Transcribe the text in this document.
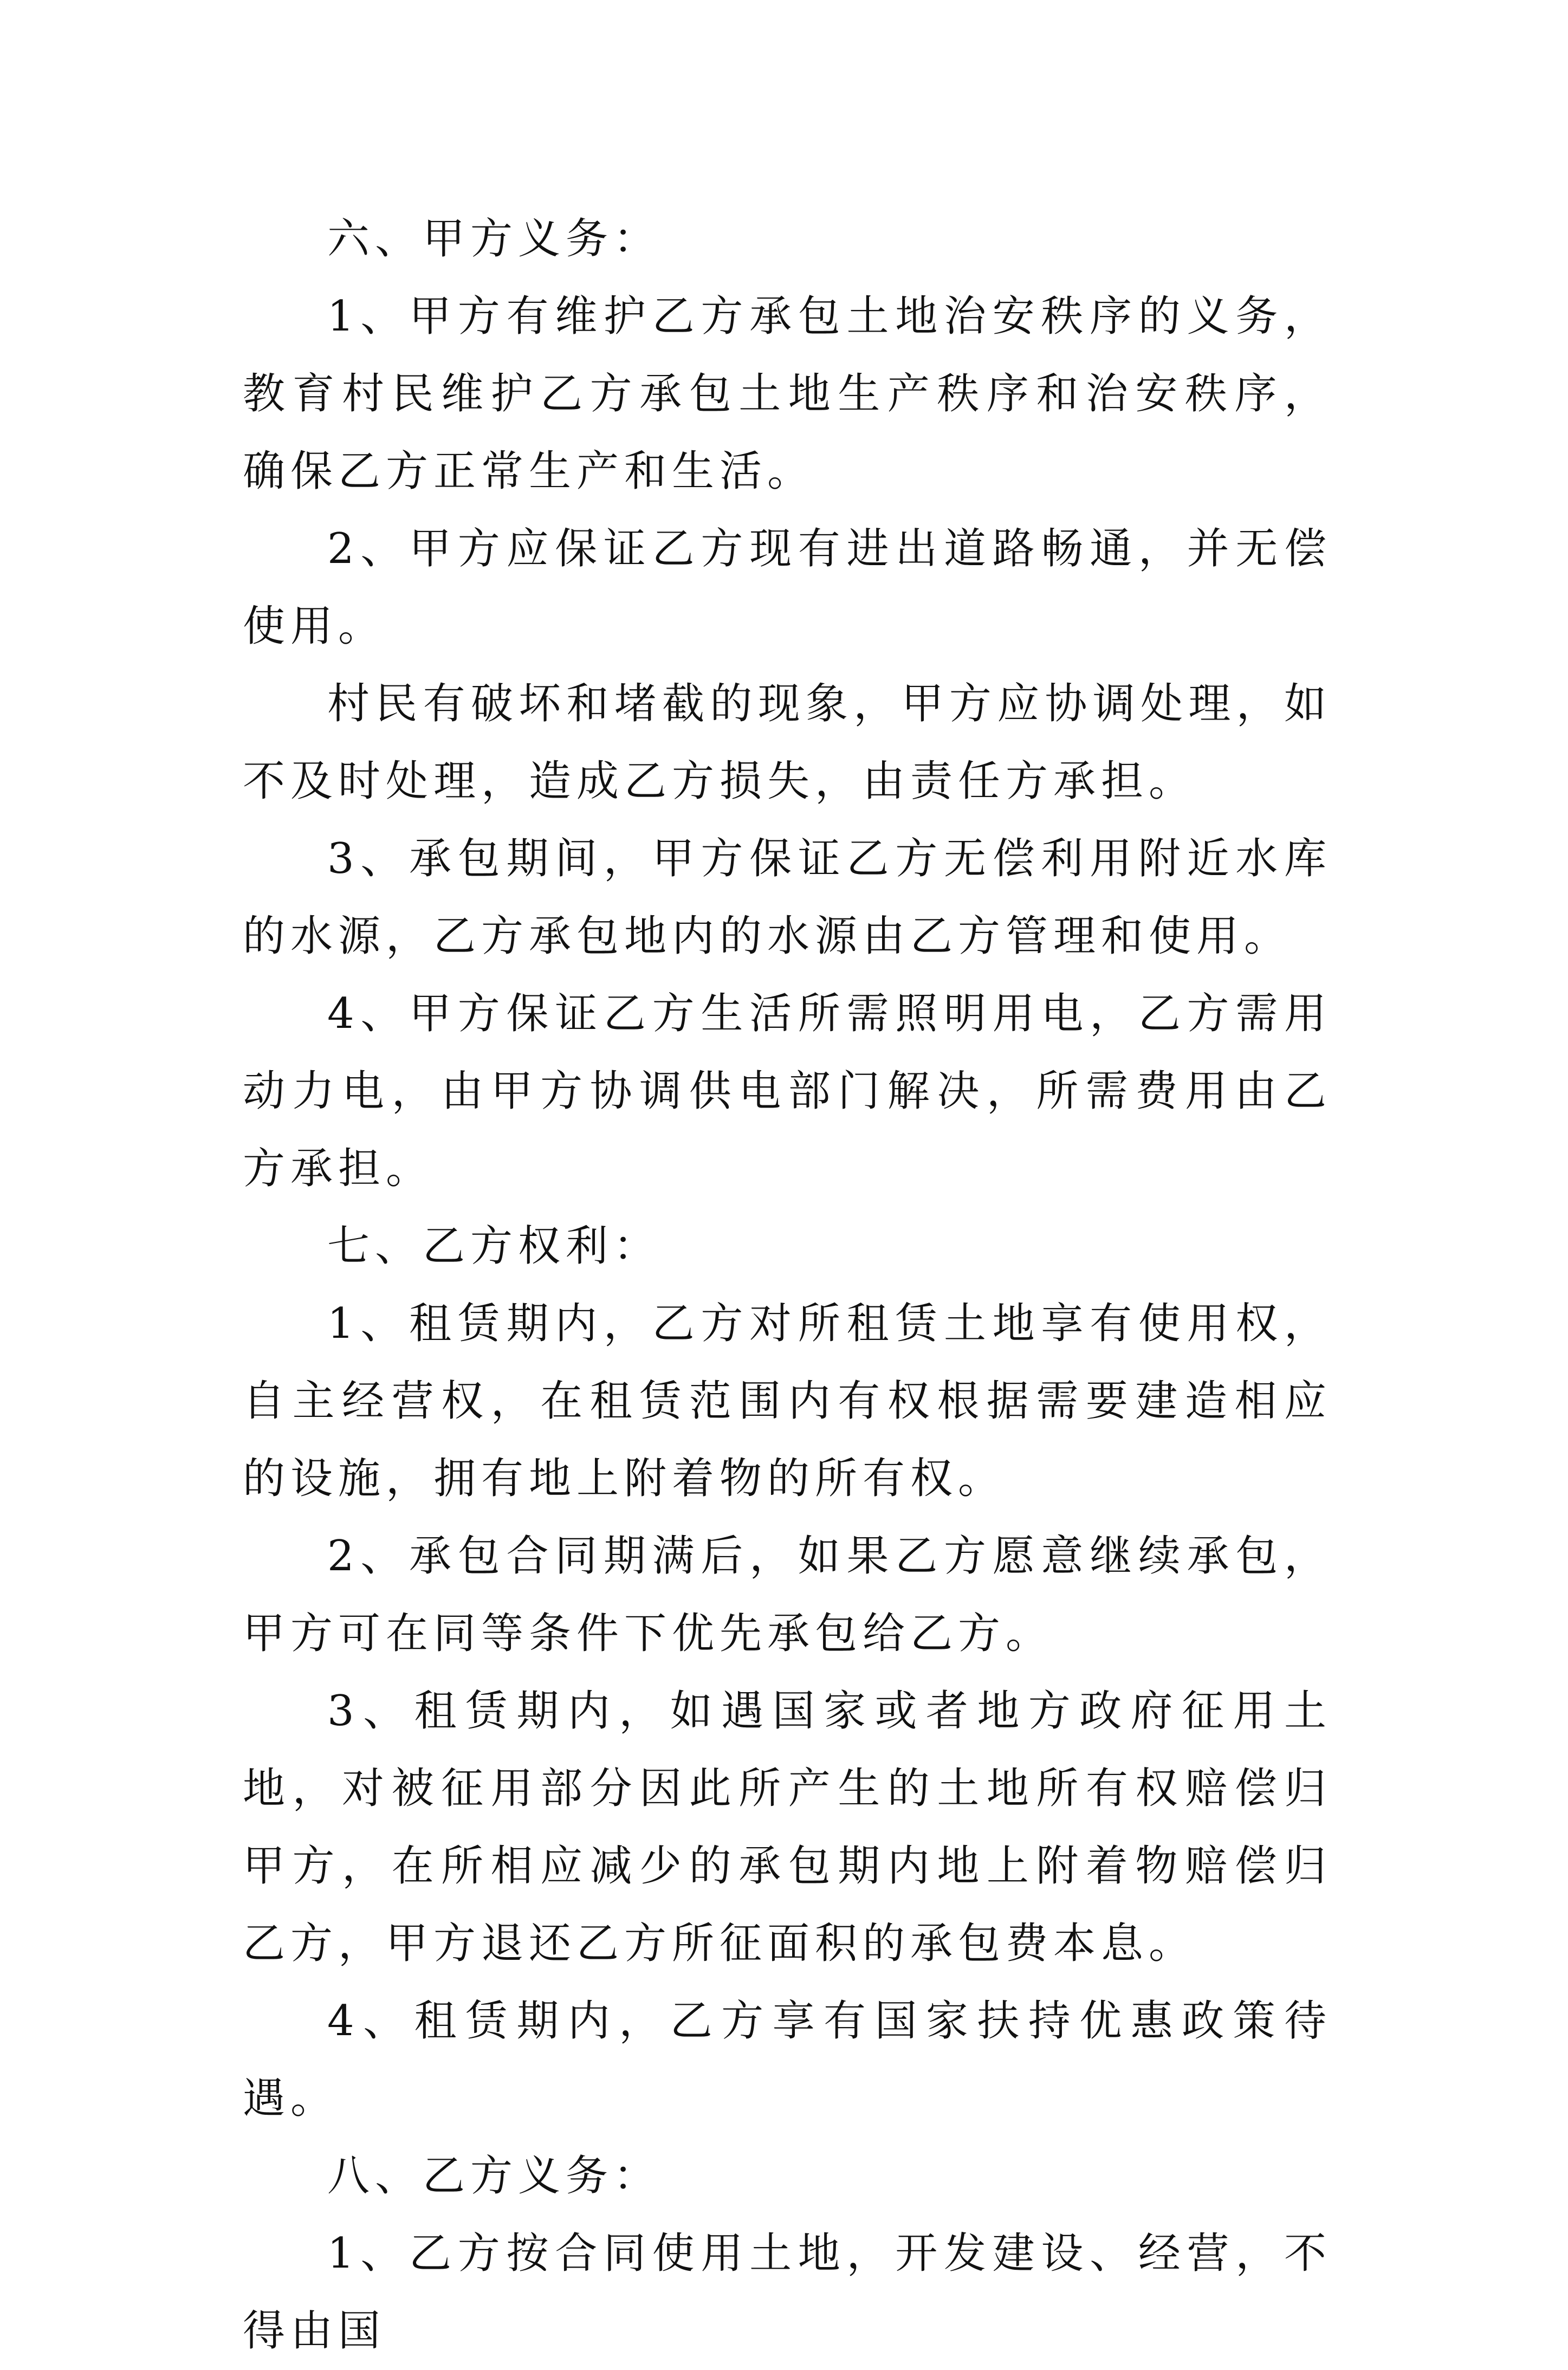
六、甲方义务：

1、甲方有维护乙方承包土地治安秩序的义务，教育村民维护乙方承包土地生产秩序和治安秩序，确保乙方正常生产和生活。

2、甲方应保证乙方现有进出道路畅通，并无偿使用。

村民有破坏和堵截的现象，甲方应协调处理，如不及时处理，造成乙方损失，由责任方承担。

3、承包期间，甲方保证乙方无偿利用附近水库的水源，乙方承包地内的水源由乙方管理和使用。

4、甲方保证乙方生活所需照明用电，乙方需用动力电，由甲方协调供电部门解决，所需费用由乙方承担。

七、乙方权利：

1、租赁期内，乙方对所租赁土地享有使用权，自主经营权，在租赁范围内有权根据需要建造相应的设施，拥有地上附着物的所有权。

2、承包合同期满后，如果乙方愿意继续承包，甲方可在同等条件下优先承包给乙方。

3、租赁期内，如遇国家或者地方政府征用土地，对被征用部分因此所产生的土地所有权赔偿归甲方，在所相应减少的承包期内地上附着物赔偿归乙方，甲方退还乙方所征面积的承包费本息。

4、租赁期内，乙方享有国家扶持优惠政策待遇。

八、乙方义务：

1、乙方按合同使用土地，开发建设、经营，不得由国
